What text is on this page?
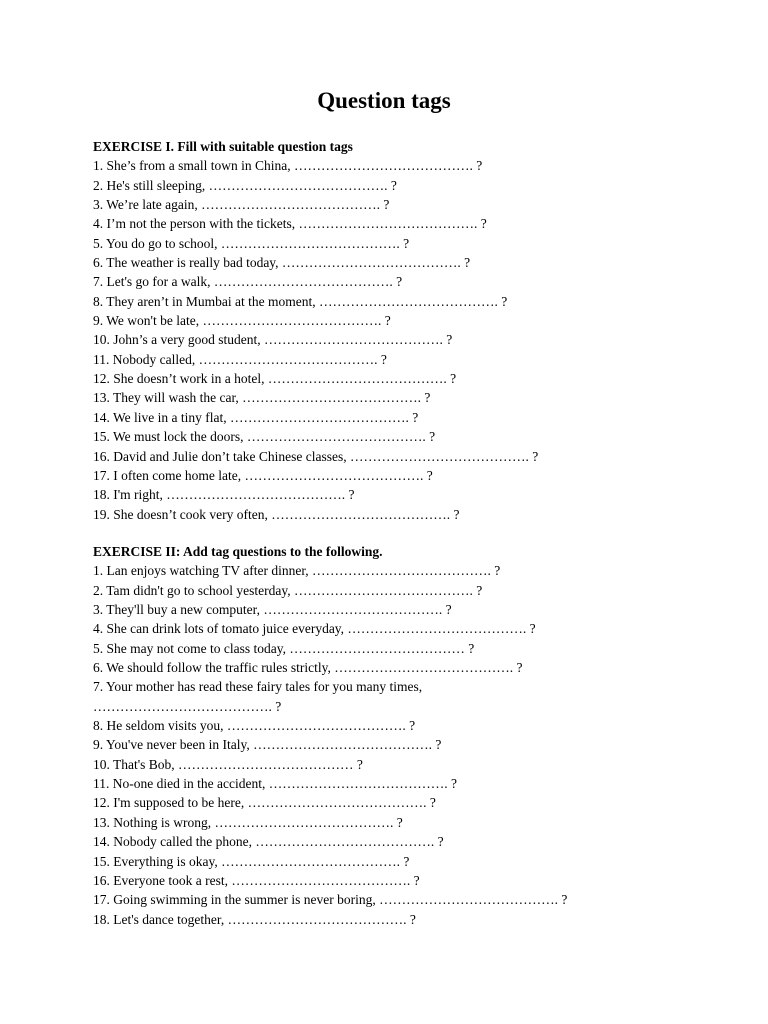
Question tags
EXERCISE I. Fill with suitable question tags
1. She’s from a small town in China, …………………………………. ?
2. He's still sleeping, …………………………………. ?
3. We’re late again, …………………………………. ?
4. I’m not the person with the tickets, …………………………………. ?
5. You do go to school, …………………………………. ?
6. The weather is really bad today, …………………………………. ?
7. Let's go for a walk, …………………………………. ?
8. They aren’t in Mumbai at the moment, …………………………………. ?
9. We won't be late, …………………………………. ?
10. John’s a very good student, …………………………………. ?
11. Nobody called, …………………………………. ?
12. She doesn’t work in a hotel, …………………………………. ?
13. They will wash the car, …………………………………. ?
14. We live in a tiny flat, …………………………………. ?
15. We must lock the doors, …………………………………. ?
16. David and Julie don’t take Chinese classes, …………………………………. ?
17. I often come home late, …………………………………. ?
18. I'm right, …………………………………. ?
19. She doesn’t cook very often, …………………………………. ?
EXERCISE II: Add tag questions to the following.
1. Lan enjoys watching TV after dinner, …………………………………. ?
2. Tam didn't go to school yesterday, …………………………………. ?
3. They'll buy a new computer, …………………………………. ?
4. She can drink lots of tomato juice everyday, …………………………………. ?
5. She may not come to class today, ………………………………… ?
6. We should follow the traffic rules strictly, …………………………………. ?
7. Your mother has read these fairy tales for you many times, …………………………………. ?
8. He seldom visits you, …………………………………. ?
9. You've never been in Italy, …………………………………. ?
10. That's Bob, ………………………………… ?
11. No-one died in the accident, …………………………………. ?
12. I'm supposed to be here, …………………………………. ?
13. Nothing is wrong, …………………………………. ?
14. Nobody called the phone, …………………………………. ?
15. Everything is okay, …………………………………. ?
16. Everyone took a rest, …………………………………. ?
17. Going swimming in the summer is never boring, …………………………………. ?
18. Let's dance together, …………………………………. ?
